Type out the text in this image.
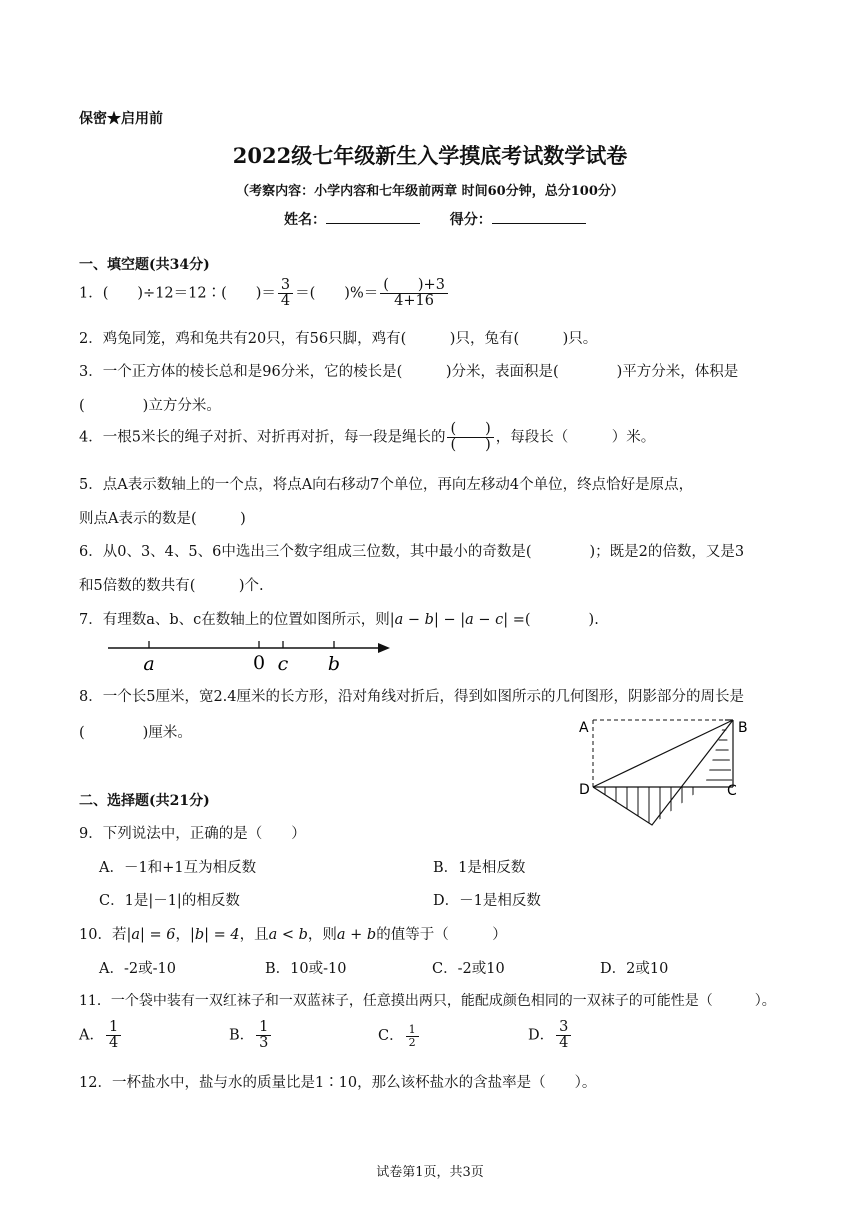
保密★启用前
2022级七年级新生入学摸底考试数学试卷
（考察内容：小学内容和七年级前两章 时间60分钟，总分100分）
姓名：	得分：
一、填空题(共34分)
1．(　　)÷12＝12∶(　　)＝ $\frac{3}{4}$ ＝(　　)%＝ $\frac{( )+3}{4+16}$
2．鸡兔同笼，鸡和兔共有20只，有56只脚，鸡有(　　　)只，兔有(　　　)只。
3．一个正方体的棱长总和是96分米，它的棱长是(　　　)分米，表面积是(　　　　)平方分米，体积是
(　　　　)立方分米。
4．一根5米长的绳子对折、对折再对折，每一段是绳长的 $\frac{( )}{( )}$ ，每段长（　　　）米。
5．点A表示数轴上的一个点，将点A向右移动7个单位，再向左移动4个单位，终点恰好是原点，
则点A表示的数是(　　　)
6．从0、3、4、5、6中选出三个数字组成三位数，其中最小的奇数是(　　　　)；既是2的倍数，又是3
和5倍数的数共有(　　　)个.
7．有理数a、b、c在数轴上的位置如图所示，则|a − b| − |a − c| =(　　　　).
a	0 c b
8．一个长5厘米，宽2.4厘米的长方形，沿对角线对折后，得到如图所示的几何图形，阴影部分的周长是
(　　　　)厘米。	A	B
D	C
二、选择题(共21分)
9．下列说法中，正确的是（　　）
A．－1和+1互为相反数	B．1是相反数
C．1是|－1|的相反数	D．－1是相反数
10．若|a| = 6，|b| = 4，且a < b，则a + b的值等于（　　　）
A．-2或-10	B．10或-10	C．-2或10	D．2或10
11．一个袋中装有一双红袜子和一双蓝袜子，任意摸出两只，能配成颜色相同的一双袜子的可能性是（　　　）。
A． $\frac{1}{4}$	B． $\frac{1}{3}$	C． $\frac{1}{2}$	D． $\frac{3}{4}$
12．一杯盐水中，盐与水的质量比是1∶10，那么该杯盐水的含盐率是（　　）。
试卷第1页，共3页
